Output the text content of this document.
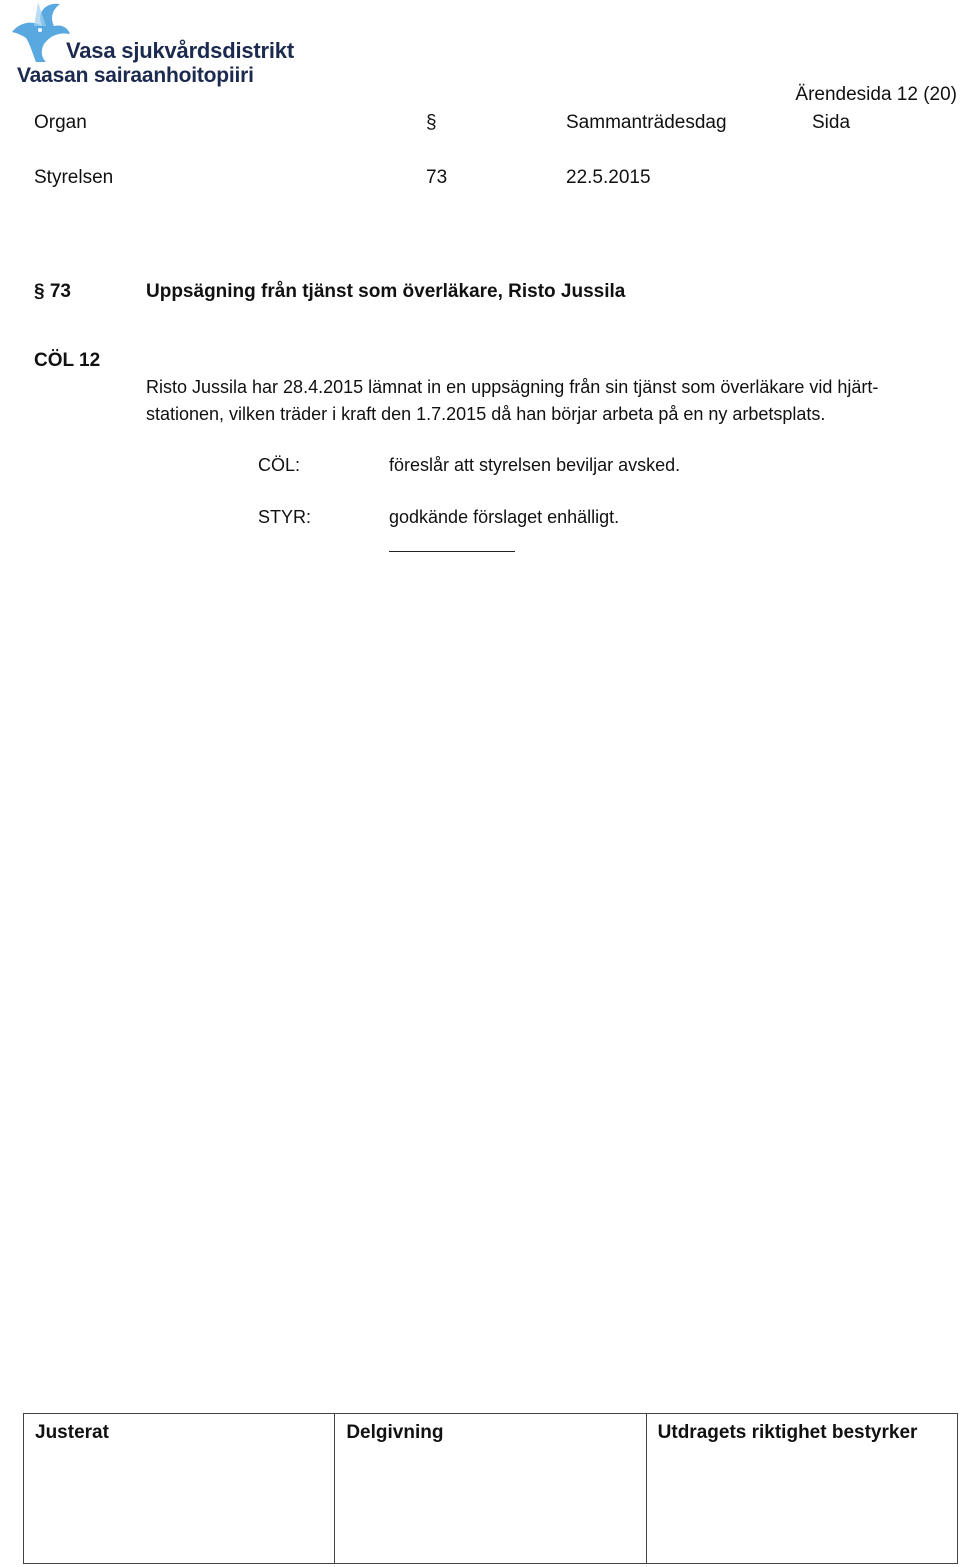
Vasa sjukvårdsdistrikt
Vaasan sairaanhoitopiiri
Ärendesida 12 (20)
Organ	§	Sammanträdesdag	Sida
Styrelsen	73	22.5.2015
§ 73	Uppsägning från tjänst som överläkare, Risto Jussila
CÖL 12
Risto Jussila har 28.4.2015 lämnat in en uppsägning från sin tjänst som överläkare vid hjärt-
stationen, vilken träder i kraft den 1.7.2015 då han börjar arbeta på en ny arbetsplats.
CÖL:	föreslår att styrelsen beviljar avsked.
STYR:	godkände förslaget enhälligt.
Justerat	Delgivning	Utdragets riktighet bestyrker
